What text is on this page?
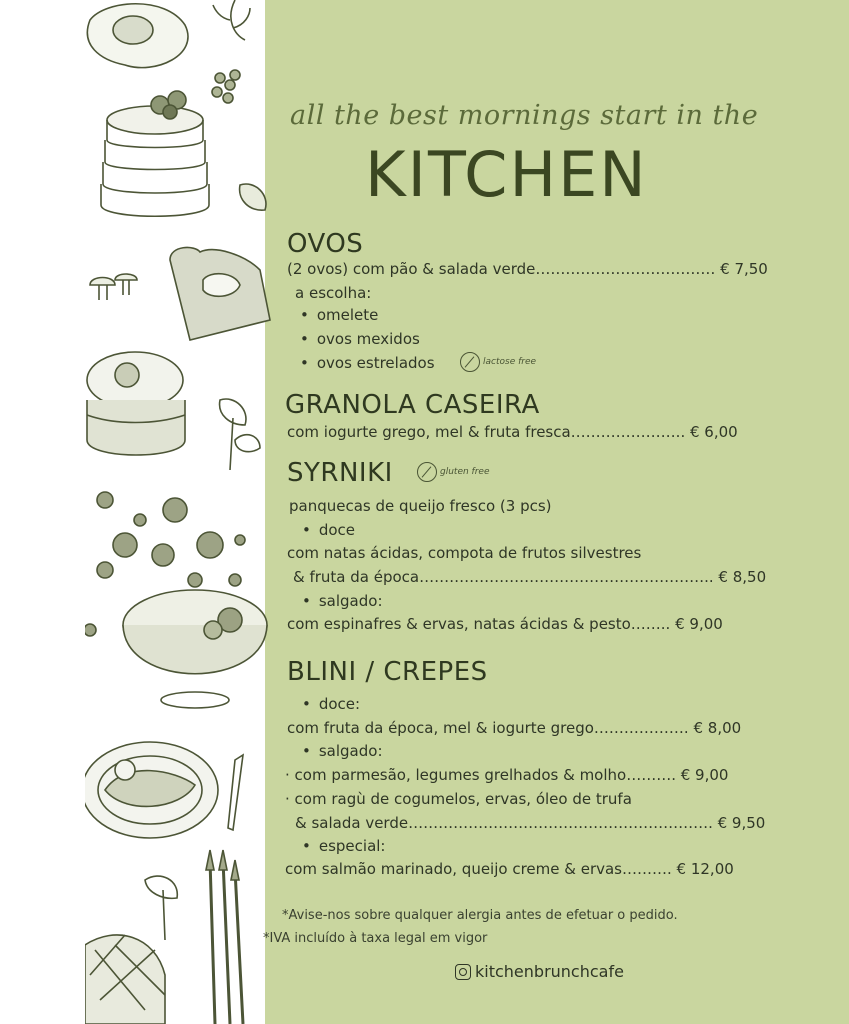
all the best mornings start in the
KITCHEN
OVOS
(2 ovos) com pão & salada verde……………………………… € 7,50
a escolha:
• omelete
• ovos mexidos
• ovos estrelados	lactose free
GRANOLA CASEIRA
com iogurte grego, mel & fruta fresca………………….. € 6,00
SYRNIKI	gluten free
panquecas de queijo fresco (3 pcs)
• doce
com natas ácidas, compota de frutos silvestres
& fruta da época………………………………………………….. € 8,50
• salgado:
com espinafres & ervas, natas ácidas & pesto…….. € 9,00
BLINI / CREPES
• doce:
com fruta da época, mel & iogurte grego………………. € 8,00
• salgado:
· com parmesão, legumes grelhados & molho………. € 9,00
· com ragù de cogumelos, ervas, óleo de trufa
& salada verde……………………………………………………. € 9,50
• especial:
com salmão marinado, queijo creme & ervas………. € 12,00
*Avise-nos sobre qualquer alergia antes de efetuar o pedido.
*IVA incluído à taxa legal em vigor
kitchenbrunchcafe
